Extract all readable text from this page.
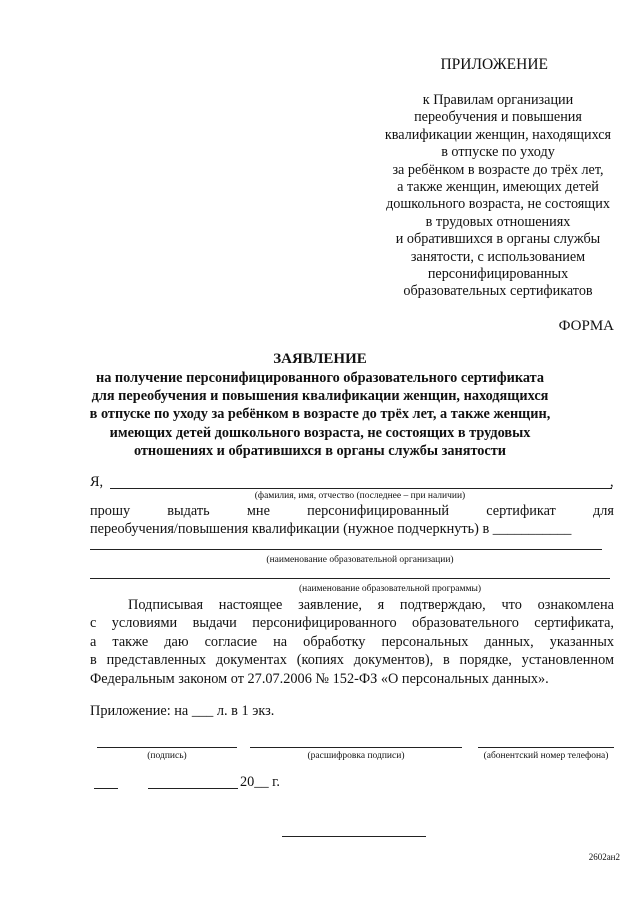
ПРИЛОЖЕНИЕ
к Правилам организации
переобучения и повышения
квалификации женщин, находящихся
в отпуске по уходу
за ребёнком в возрасте до трёх лет,
а также женщин, имеющих детей
дошкольного возраста, не состоящих
в трудовых отношениях
и обратившихся в органы службы
занятости, с использованием
персонифицированных
образовательных сертификатов
ФОРМА
ЗАЯВЛЕНИЕ
на получение персонифицированного образовательного сертификата
для переобучения и повышения квалификации женщин, находящихся
в отпуске по уходу за ребёнком в возрасте до трёх лет, а также женщин,
имеющих детей дошкольного возраста, не состоящих в трудовых
отношениях и обратившихся в органы службы занятости
Я,	,
(фамилия, имя, отчество (последнее – при наличии)
прошу выдать мне персонифицированный сертификат для
переобучения/повышения квалификации (нужное подчеркнуть) в ___________
(наименование образовательной организации)
(наименование образовательной программы)
Подписывая настоящее заявление, я подтверждаю, что ознакомлена
с условиями выдачи персонифицированного образовательного сертификата,
а также даю согласие на обработку персональных данных, указанных
в представленных документах (копиях документов), в порядке, установленном
Федеральным законом от 27.07.2006 № 152-ФЗ «О персональных данных».
Приложение: на ___ л. в 1 экз.
(подпись)	(расшифровка подписи)	(абонентский номер телефона)
20__ г.
2602ан2
